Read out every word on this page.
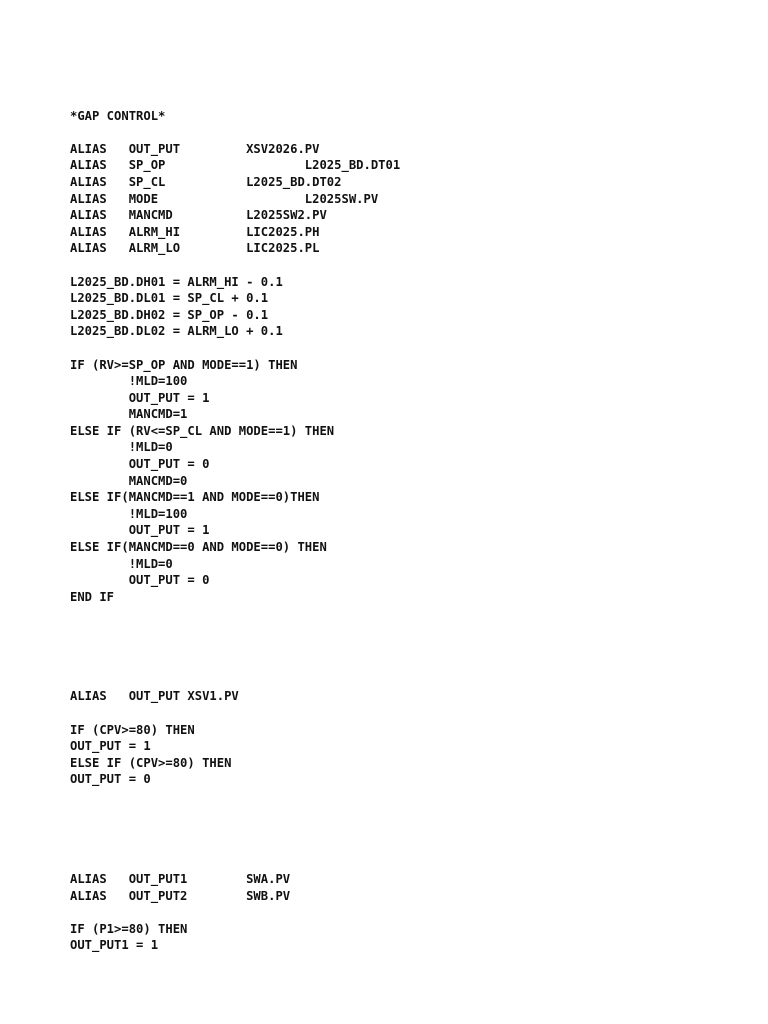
*GAP CONTROL*
ALIAS   OUT_PUT         XSV2026.PV
ALIAS   SP_OP                   L2025_BD.DT01
ALIAS   SP_CL           L2025_BD.DT02
ALIAS   MODE                    L2025SW.PV
ALIAS   MANCMD          L2025SW2.PV
ALIAS   ALRM_HI         LIC2025.PH
ALIAS   ALRM_LO         LIC2025.PL
L2025_BD.DH01 = ALRM_HI - 0.1
L2025_BD.DL01 = SP_CL + 0.1
L2025_BD.DH02 = SP_OP - 0.1
L2025_BD.DL02 = ALRM_LO + 0.1
IF (RV>=SP_OP AND MODE==1) THEN
!MLD=100
OUT_PUT = 1
MANCMD=1
ELSE IF (RV<=SP_CL AND MODE==1) THEN
!MLD=0
OUT_PUT = 0
MANCMD=0
ELSE IF(MANCMD==1 AND MODE==0)THEN
!MLD=100
OUT_PUT = 1
ELSE IF(MANCMD==0 AND MODE==0) THEN
!MLD=0
OUT_PUT = 0
END IF
ALIAS   OUT_PUT XSV1.PV
IF (CPV>=80) THEN
OUT_PUT = 1
ELSE IF (CPV>=80) THEN
OUT_PUT = 0
ALIAS   OUT_PUT1        SWA.PV
ALIAS   OUT_PUT2        SWB.PV
IF (P1>=80) THEN
OUT_PUT1 = 1
